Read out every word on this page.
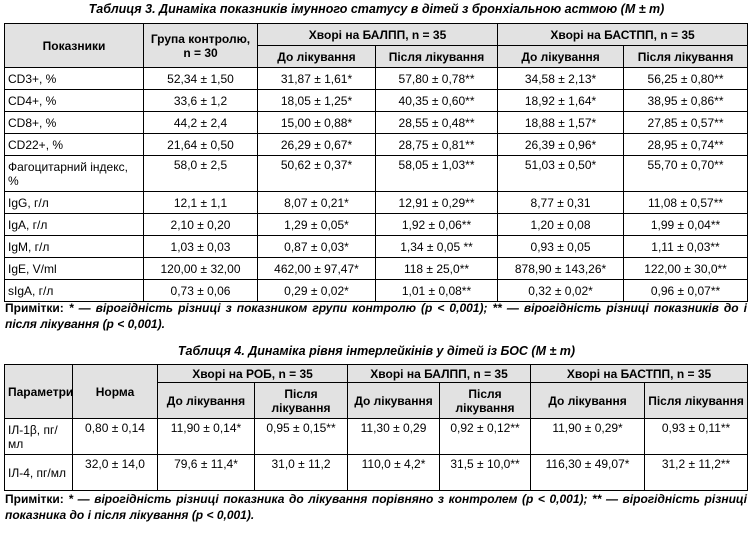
Таблиця 3. Динаміка показників імунного статусу в дітей з бронхіальною астмою (M ± m)
Показники	Група контролю, n = 30	Хворі на БАЛПП, n = 35		Хворі на БАСТПП, n = 35	
		До лікування	Після лікування	До лікування	Після лікування
CD3+, %	52,34 ± 1,50	31,87 ± 1,61*	57,80 ± 0,78**	34,58 ± 2,13*	56,25 ± 0,80**
CD4+, %	33,6 ± 1,2	18,05 ± 1,25*	40,35 ± 0,60**	18,92 ± 1,64*	38,95 ± 0,86**
CD8+, %	44,2 ± 2,4	15,00 ± 0,88*	28,55 ± 0,48**	18,88 ± 1,57*	27,85 ± 0,57**
CD22+, %	21,64 ± 0,50	26,29 ± 0,67*	28,75 ± 0,81**	26,39 ± 0,96*	28,95 ± 0,74**
Фагоцитарний індекс, %	58,0 ± 2,5	50,62 ± 0,37*	58,05 ± 1,03**	51,03 ± 0,50*	55,70 ± 0,70**
IgG, г/л	12,1 ± 1,1	8,07 ± 0,21*	12,91 ± 0,29**	8,77 ± 0,31	11,08 ± 0,57**
IgA, г/л	2,10 ± 0,20	1,29 ± 0,05*	1,92 ± 0,06**	1,20 ± 0,08	1,99 ± 0,04**
IgM, г/л	1,03 ± 0,03	0,87 ± 0,03*	1,34 ± 0,05 **	0,93 ± 0,05	1,11 ± 0,03**
IgE, V/ml	120,00 ± 32,00	462,00 ± 97,47*	118 ± 25,0**	878,90 ± 143,26*	122,00 ± 30,0**
sIgA, г/л	0,73 ± 0,06	0,29 ± 0,02*	1,01 ± 0,08**	0,32 ± 0,02*	0,96 ± 0,07**
Примітки: * — вірогідність різниці з показником групи контролю (p < 0,001); ** — вірогідність різниці показників до і після лікування (p < 0,001).
Таблиця 4. Динаміка рівня інтерлейкінів у дітей із БОС (M ± m)
Параметри	Норма	Хворі на РОБ, n = 35		Хворі на БАЛПП, n = 35		Хворі на БАСТПП, n = 35	
		До лікування	Після лікування	До лікування	Після лікування	До лікування	Після лікування
ІЛ-1β, пг/мл	0,80 ± 0,14	11,90 ± 0,14*	0,95 ± 0,15**	11,30 ± 0,29	0,92 ± 0,12**	11,90 ± 0,29*	0,93 ± 0,11**
ІЛ-4, пг/мл	32,0 ± 14,0	79,6 ± 11,4*	31,0 ± 11,2	110,0 ± 4,2*	31,5 ± 10,0**	116,30 ± 49,07*	31,2 ± 11,2**
Примітки: * — вірогідність різниці показника до лікування порівняно з контролем (p < 0,001); ** — вірогідність різниці показника до і після лікування (p < 0,001).
